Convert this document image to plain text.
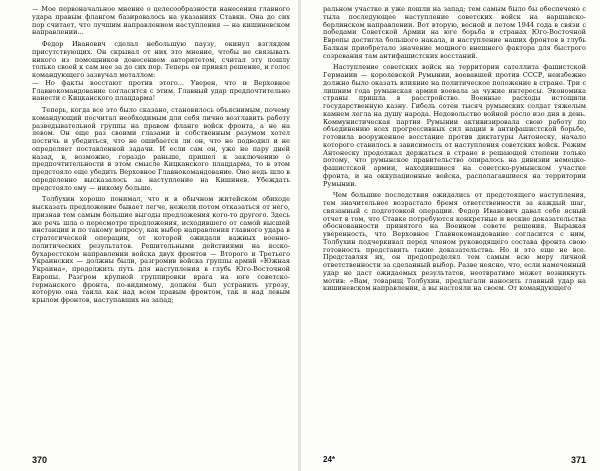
— Мое первоначальное мнение о целесообразности нанесения главного удара правым флангом базировалось на указаниях Ставки. Она до сих пор считает, что лучшим направлением наступления — на кишиневском направлении...

Федор Иванович сделал небольшую паузу, окинул взглядом присутствующих. Он скрывал от них это мнение, чтобы не связывать никого из помощников донесением авторитетом, считал эту пошлу только своей к сам нее за до сих пор. Теперь он принял решение, и голос командующего зазвучал металлом:

— Но факты восстают против этого... Уверен, что и Верховное Главнокомандование согласится с этим. Главный удар предпочтительно нанести с Кицканского плацдарма!

Теперь, когда все это было сказано, становилось объяснимым, почему командующий посчитал необходимым для себя лично возглавить работу разведывательной группы на правом фланге войск фронта, а не на левом. Он еще раз своими глазами и собственным разумом хотел постичь и убедиться, что не ошибается ли он, что не подводил и не определяет поставленной задачи. И если сам он, уже не пару дней назад, в, возможно, гораздо раньше, пришел к заключению о предпочтительности в этом смысле Кицканского плацдарма, то в этом предстояло еще убедить Верховное Главнокомандование. Оно недь шло в определенно высказалось за наступление на Кишинев. Убеждать предстояло ему — никому больше.

Толбухин хорошо понимал, что и в обычном житейском обиходе высказать предложение бывает легче, нежели потом отказаться от него, признав тем самым большие выгоды предложения кого-то другого. Здесь же речь шла о пересмотре предложения, исходившего от самой высшей инстанции и по такому вопросу, как выбор направления главного удара в стратегической операции, от которой ожидали важных военно-политических результатов. Решительными действиями на ясско-бухарестском направлении войска двух фронтов — Второго и Третьего Украинских — должны были, разгромив войска группы армий «Южная Украина», продолжить путь для наступления в глубь Юго-Восточной Европы. Разгром крупной группировки врага на юге советско-германского фронта, по-видимому, должен был устранить угрозу, которую она таила как над всем правым фронтом, так и над левым крылом фронтов, наступавших на запад;

370

ральном участке и уже пошли на запад; тем самым было бы обеспечено с тыла последующее наступление советских войск на варшавско-берлинском направлении. Вот вторую, весной и летом 1944 года в связи с победами Советской Армии на юге борьба в странах Юго-Восточной Европы достигла большого накала, и наступление наших фронтов в глубь Балкан приобретало значение мощного внешнего фактора для быстрого созревания там антифашистских восстаний.

Наступление советских войск на территории сателлита фашистской Германии — королевской Румынии, воевавшей против СССР, неизбежно должно было оказать влияние на политическое положение в стране. Три с лишним года румынская армия воевала за чужие интересы. Экономика страны пришла в расстройство. Военные расходы истощили государственную казну. Гибель сотен тысяч румынских солдат тяжелым камнем легла на душу народа. Недовольство войной росло изо дня в день. Коммунистическая партия Румынии активизировала свою работу по объединению всех прогрессивных сил нации в антифашистской борьбе, готовила вооруженное восстание против диктатуры Антонеску, начало которого ставилось в зависимость от наступления советских войск. Режим Антонеску продолжал держаться в стране в решающей степени только потому, что румынское правительство опиралось на дивизии немецко-фашистской армии, находившиеся на советско-румынском участке фронта, и на оккупационные войска, располагавшиеся на территории Румынии.

Чем большие последствия ожидались от предстоящего наступления, тем значительнее возрастало бремя ответственности за каждый шаг, связанный с подготовкой операции. Федор Иванович давал себе ясный отчет в том, что Ставке потребуются конкретные и веские доказательства обоснованности принятого на Военном совете решения. Выражая уверенность, что Верховное Главнокомандование согласится с ним, Толбухин подчеркивал перед членом руководящего состава фронта свою готовность представить такие доказательства. Но и это еще не все. Представляя их, он предопределял тем самым всю меру личной ответственности за сделанный выбор. Разве неясно, что, если намеченный удар не даст ожидаемых результатов, неотвратимо может возникнуть мотив: «Вам, товарищ Толбухин, предлагали наносить главный удар на кишиневском направлении, а вы настояли на своем. От командующего

24*	371
